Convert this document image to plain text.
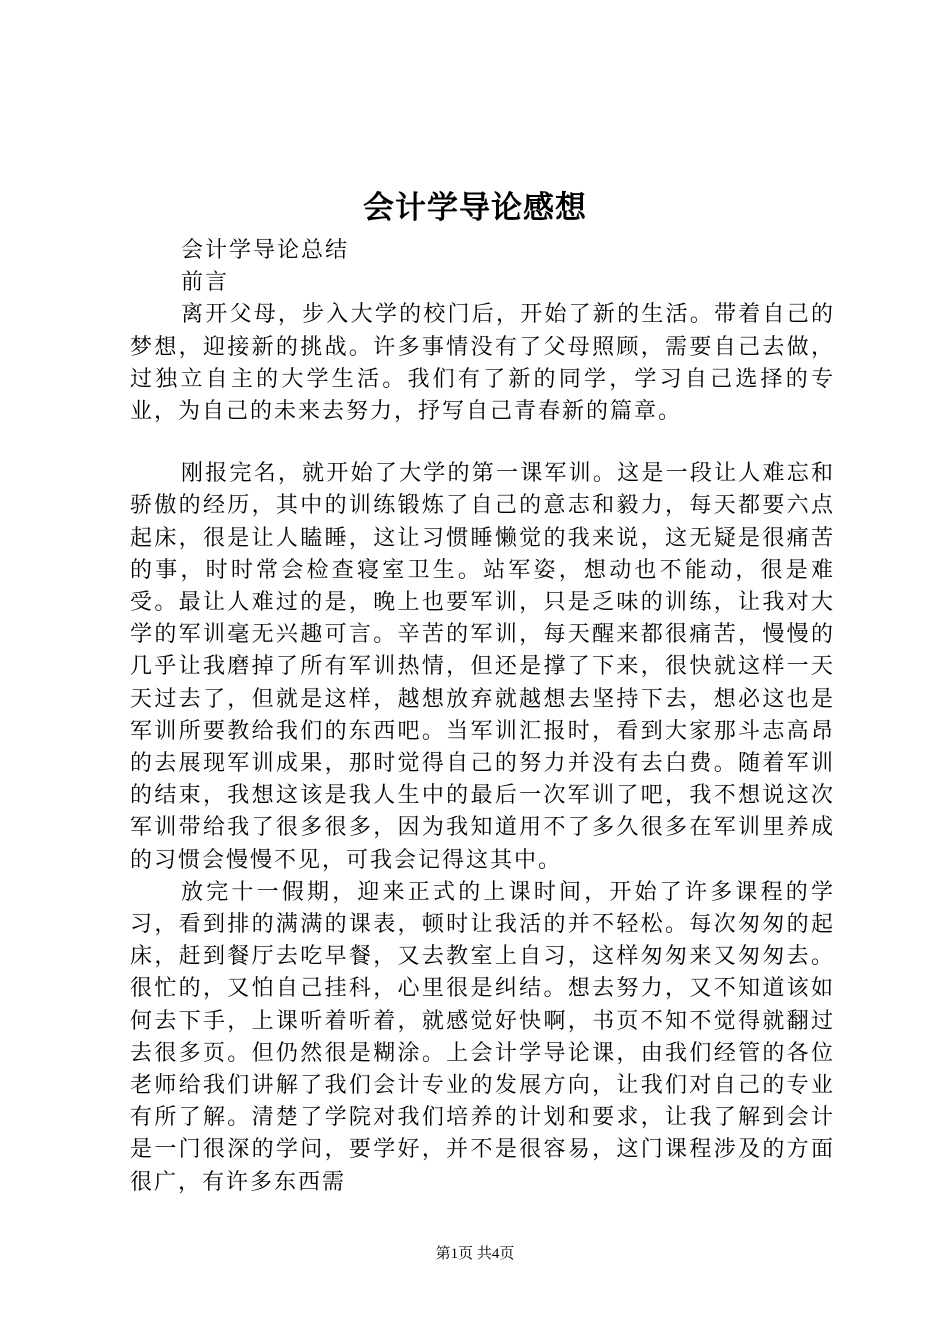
会计学导论感想

会计学导论总结

前言

离开父母，步入大学的校门后，开始了新的生活。带着自己的梦想，迎接新的挑战。许多事情没有了父母照顾，需要自己去做，过独立自主的大学生活。我们有了新的同学，学习自己选择的专业，为自己的未来去努力，抒写自己青春新的篇章。

刚报完名，就开始了大学的第一课军训。这是一段让人难忘和骄傲的经历，其中的训练锻炼了自己的意志和毅力，每天都要六点起床，很是让人瞌睡，这让习惯睡懒觉的我来说，这无疑是很痛苦的事，时时常会检查寝室卫生。站军姿，想动也不能动，很是难受。最让人难过的是，晚上也要军训，只是乏味的训练，让我对大学的军训毫无兴趣可言。辛苦的军训，每天醒来都很痛苦，慢慢的几乎让我磨掉了所有军训热情，但还是撑了下来，很快就这样一天天过去了，但就是这样，越想放弃就越想去坚持下去，想必这也是军训所要教给我们的东西吧。当军训汇报时，看到大家那斗志高昂的去展现军训成果，那时觉得自己的努力并没有去白费。随着军训的结束，我想这该是我人生中的最后一次军训了吧，我不想说这次军训带给我了很多很多，因为我知道用不了多久很多在军训里养成的习惯会慢慢不见，可我会记得这其中。

放完十一假期，迎来正式的上课时间，开始了许多课程的学习，看到排的满满的课表，顿时让我活的并不轻松。每次匆匆的起床，赶到餐厅去吃早餐，又去教室上自习，这样匆匆来又匆匆去。很忙的，又怕自己挂科，心里很是纠结。想去努力，又不知道该如何去下手，上课听着听着，就感觉好快啊，书页不知不觉得就翻过去很多页。但仍然很是糊涂。上会计学导论课，由我们经管的各位老师给我们讲解了我们会计专业的发展方向，让我们对自己的专业有所了解。清楚了学院对我们培养的计划和要求，让我了解到会计是一门很深的学问，要学好，并不是很容易，这门课程涉及的方面很广，有许多东西需

第1页 共4页
